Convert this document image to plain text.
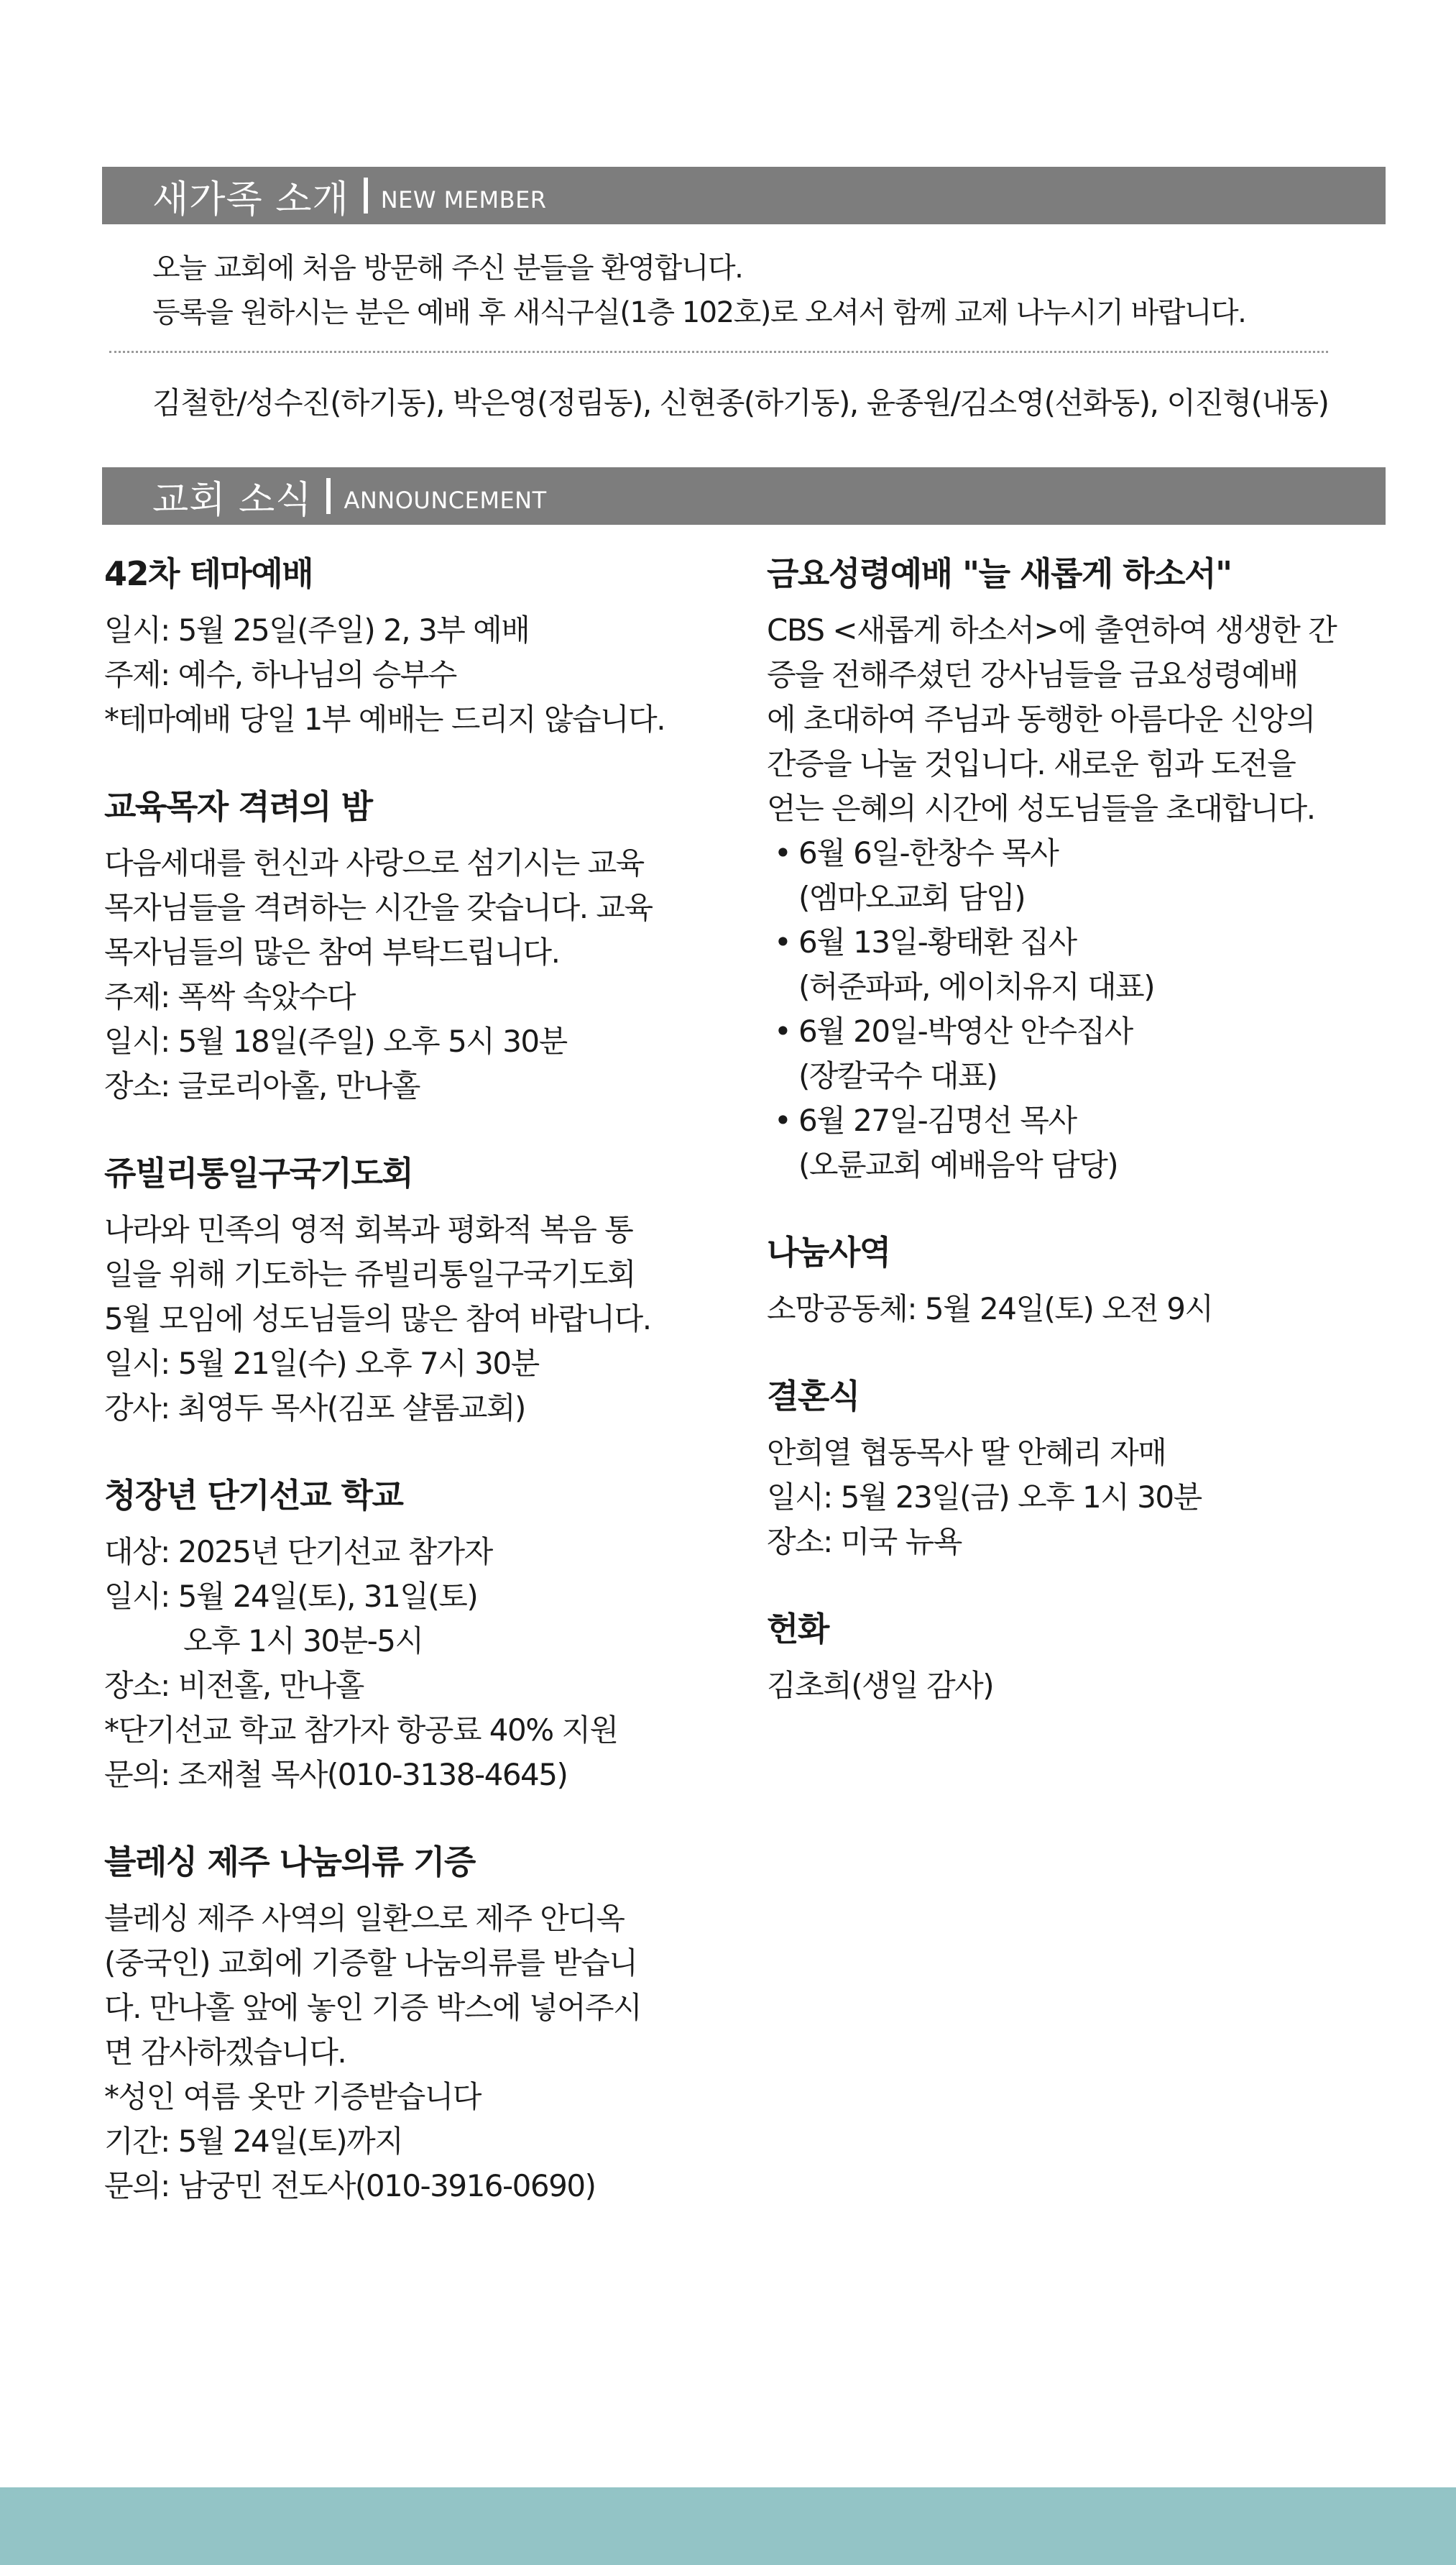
새가족 소개 NEW MEMBER
오늘 교회에 처음 방문해 주신 분들을 환영합니다.
등록을 원하시는 분은 예배 후 새식구실(1층 102호)로 오셔서 함께 교제 나누시기 바랍니다.
김철한/성수진(하기동), 박은영(정림동), 신현종(하기동), 윤종원/김소영(선화동), 이진형(내동)
교회 소식 ANNOUNCEMENT
42차 테마예배
일시: 5월 25일(주일) 2, 3부 예배
주제: 예수, 하나님의 승부수
*테마예배 당일 1부 예배는 드리지 않습니다.
교육목자 격려의 밤
다음세대를 헌신과 사랑으로 섬기시는 교육
목자님들을 격려하는 시간을 갖습니다. 교육
목자님들의 많은 참여 부탁드립니다.
주제: 폭싹 속았수다
일시: 5월 18일(주일) 오후 5시 30분
장소: 글로리아홀, 만나홀
쥬빌리통일구국기도회
나라와 민족의 영적 회복과 평화적 복음 통
일을 위해 기도하는 쥬빌리통일구국기도회
5월 모임에 성도님들의 많은 참여 바랍니다.
일시: 5월 21일(수) 오후 7시 30분
강사: 최영두 목사(김포 샬롬교회)
청장년 단기선교 학교
대상: 2025년 단기선교 참가자
일시: 5월 24일(토), 31일(토)
오후 1시 30분-5시
장소: 비전홀, 만나홀
*단기선교 학교 참가자 항공료 40% 지원
문의: 조재철 목사(010-3138-4645)
블레싱 제주 나눔의류 기증
블레싱 제주 사역의 일환으로 제주 안디옥
(중국인) 교회에 기증할 나눔의류를 받습니
다. 만나홀 앞에 놓인 기증 박스에 넣어주시
면 감사하겠습니다.
*성인 여름 옷만 기증받습니다
기간: 5월 24일(토)까지
문의: 남궁민 전도사(010-3916-0690)
금요성령예배 "늘 새롭게 하소서"
CBS <새롭게 하소서>에 출연하여 생생한 간
증을 전해주셨던 강사님들을 금요성령예배
에 초대하여 주님과 동행한 아름다운 신앙의
간증을 나눌 것입니다. 새로운 힘과 도전을
얻는 은혜의 시간에 성도님들을 초대합니다.
• 6월 6일-한창수 목사
(엠마오교회 담임)
• 6월 13일-황태환 집사
(허준파파, 에이치유지 대표)
• 6월 20일-박영산 안수집사
(장칼국수 대표)
• 6월 27일-김명선 목사
(오륜교회 예배음악 담당)
나눔사역
소망공동체: 5월 24일(토) 오전 9시
결혼식
안희열 협동목사 딸 안혜리 자매
일시: 5월 23일(금) 오후 1시 30분
장소: 미국 뉴욕
헌화
김초희(생일 감사)
